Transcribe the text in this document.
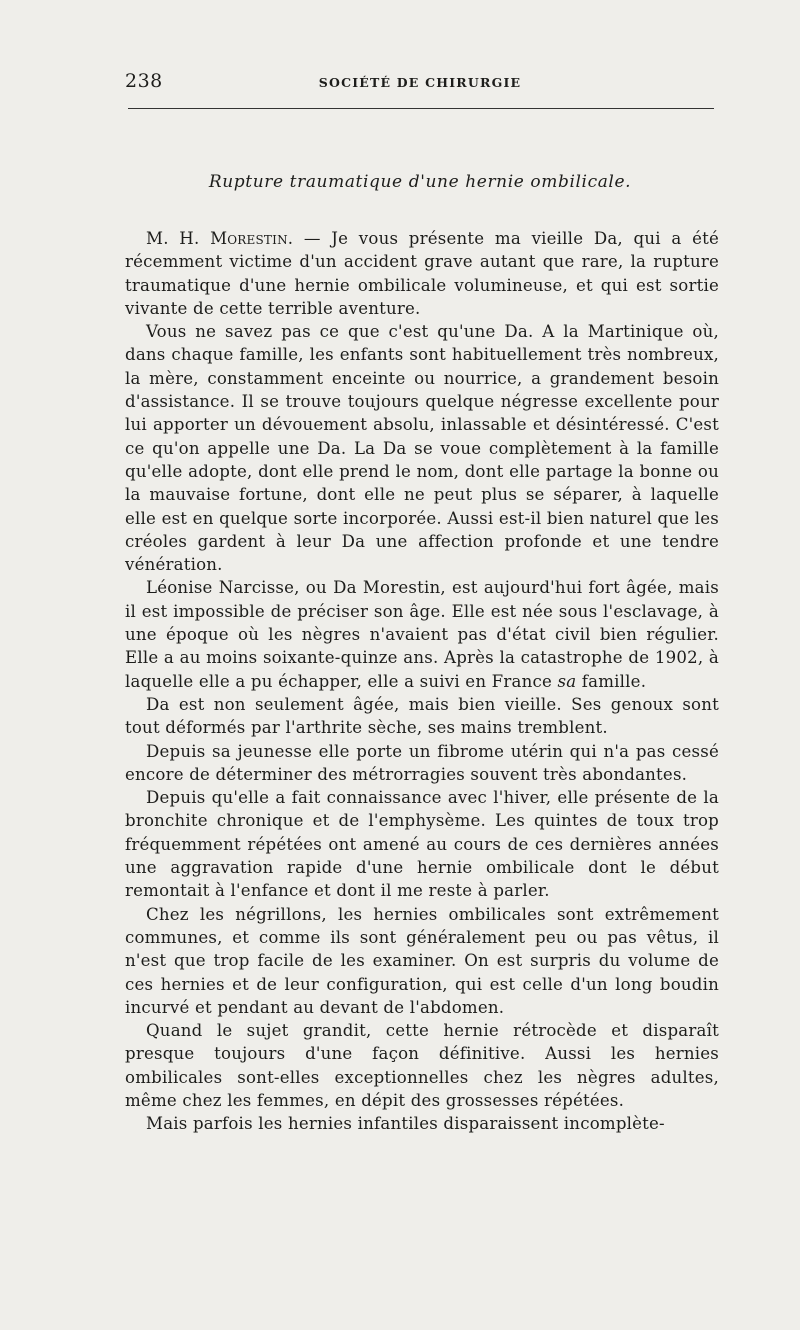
238	SOCIÉTÉ DE CHIRURGIE
Rupture traumatique d'une hernie ombilicale.

M. H. Morestin. — Je vous présente ma vieille Da, qui a été récemment victime d'un accident grave autant que rare, la rupture traumatique d'une hernie ombilicale volumineuse, et qui est sortie vivante de cette terrible aventure.

Vous ne savez pas ce que c'est qu'une Da. A la Martinique où, dans chaque famille, les enfants sont habituellement très nombreux, la mère, constamment enceinte ou nourrice, a grandement besoin d'assistance. Il se trouve toujours quelque négresse excellente pour lui apporter un dévouement absolu, inlassable et désintéressé. C'est ce qu'on appelle une Da. La Da se voue complètement à la famille qu'elle adopte, dont elle prend le nom, dont elle partage la bonne ou la mauvaise fortune, dont elle ne peut plus se séparer, à laquelle elle est en quelque sorte incorporée. Aussi est-il bien naturel que les créoles gardent à leur Da une affection profonde et une tendre vénération.

Léonise Narcisse, ou Da Morestin, est aujourd'hui fort âgée, mais il est impossible de préciser son âge. Elle est née sous l'esclavage, à une époque où les nègres n'avaient pas d'état civil bien régulier. Elle a au moins soixante-quinze ans. Après la catastrophe de 1902, à laquelle elle a pu échapper, elle a suivi en France sa famille.

Da est non seulement âgée, mais bien vieille. Ses genoux sont tout déformés par l'arthrite sèche, ses mains tremblent.

Depuis sa jeunesse elle porte un fibrome utérin qui n'a pas cessé encore de déterminer des métrorragies souvent très abondantes.

Depuis qu'elle a fait connaissance avec l'hiver, elle présente de la bronchite chronique et de l'emphysème. Les quintes de toux trop fréquemment répétées ont amené au cours de ces dernières années une aggravation rapide d'une hernie ombilicale dont le début remontait à l'enfance et dont il me reste à parler.

Chez les négrillons, les hernies ombilicales sont extrêmement communes, et comme ils sont généralement peu ou pas vêtus, il n'est que trop facile de les examiner. On est surpris du volume de ces hernies et de leur configuration, qui est celle d'un long boudin incurvé et pendant au devant de l'abdomen.

Quand le sujet grandit, cette hernie rétrocède et disparaît presque toujours d'une façon définitive. Aussi les hernies ombilicales sont-elles exceptionnelles chez les nègres adultes, même chez les femmes, en dépit des grossesses répétées.

Mais parfois les hernies infantiles disparaissent incomplète-
